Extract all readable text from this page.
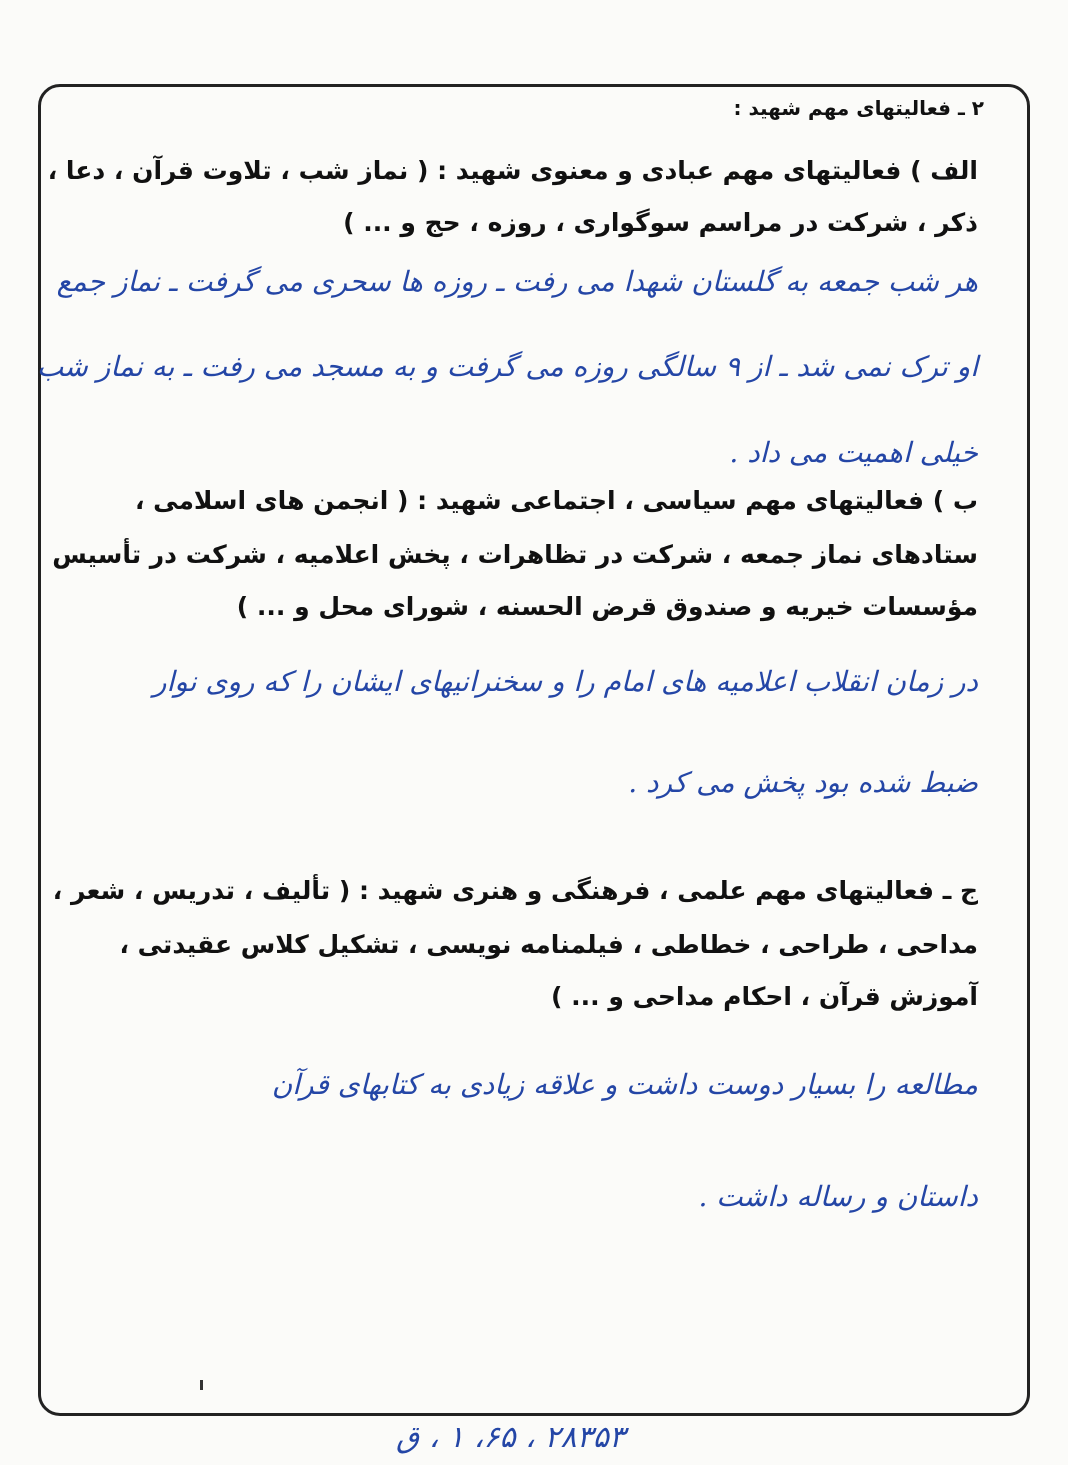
۲ ـ فعالیتهای مهم شهید :
الف ) فعالیتهای مهم عبادی و معنوی شهید : ( نماز شب ، تلاوت قرآن ، دعا ،
ذکر ، شرکت در مراسم سوگواری ، روزه ، حج و ... )
هر شب جمعه به گلستان شهدا می رفت ـ روزه ها سحری می گرفت ـ نماز جمع
او ترک نمی شد ـ از ۹ سالگی روزه می گرفت و به مسجد می رفت ـ به نماز شب
خیلی اهمیت می داد .
ب ) فعالیتهای مهم سیاسی ، اجتماعی شهید : ( انجمن های اسلامی ،
ستادهای نماز جمعه ، شرکت در تظاهرات ، پخش اعلامیه ، شرکت در تأسیس
مؤسسات خیریه و صندوق قرض الحسنه ، شورای محل و ... )
در زمان انقلاب اعلامیه های امام را و سخنرانیهای ایشان را که روی نوار
ضبط شده بود پخش می کرد .
ج ـ فعالیتهای مهم علمی ، فرهنگی و هنری شهید : ( تألیف ، تدریس ، شعر ،
مداحی ، طراحی ، خطاطی ، فیلمنامه نویسی ، تشکیل کلاس عقیدتی ،
آموزش قرآن ، احکام مداحی و ... )
مطالعه را بسیار دوست داشت و علاقه زیادی به کتابهای قرآن
داستان و رساله داشت .
۲۸۳۵۳ ، ۶۵، ۱ ، ق
